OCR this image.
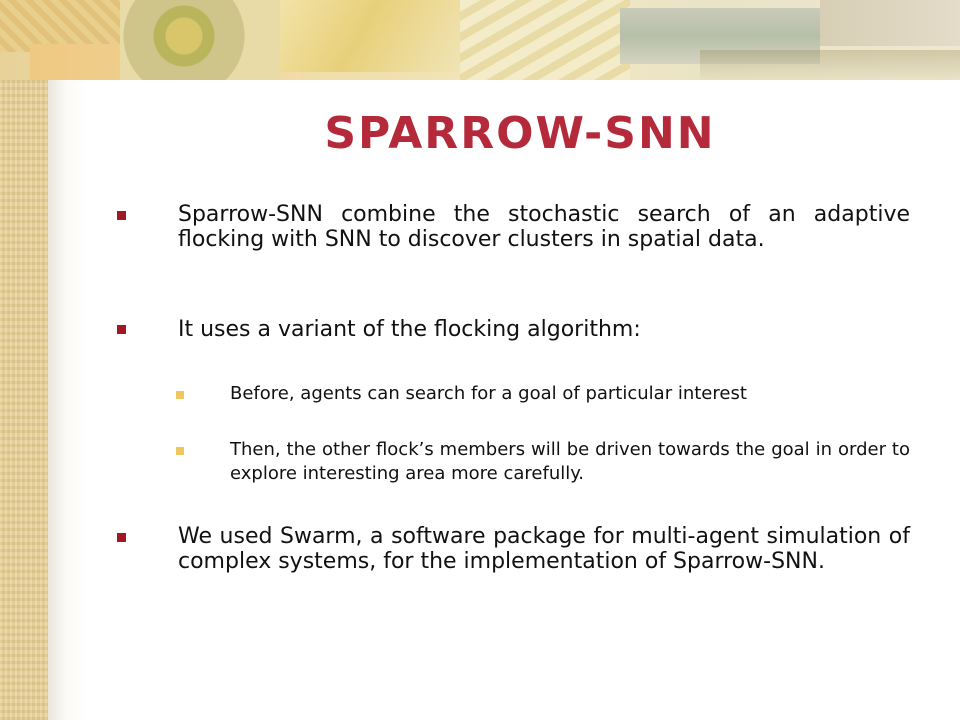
SPARROW-SNN

Sparrow-SNN combine the stochastic search of an adaptive flocking with SNN to discover clusters in spatial data.

It uses a variant of the flocking algorithm:

Before, agents can search for a goal of particular interest

Then, the other flock’s members will be driven towards the goal in order to explore interesting area more carefully.

We used Swarm, a software package for multi-agent simulation of complex systems, for the implementation of Sparrow-SNN.
